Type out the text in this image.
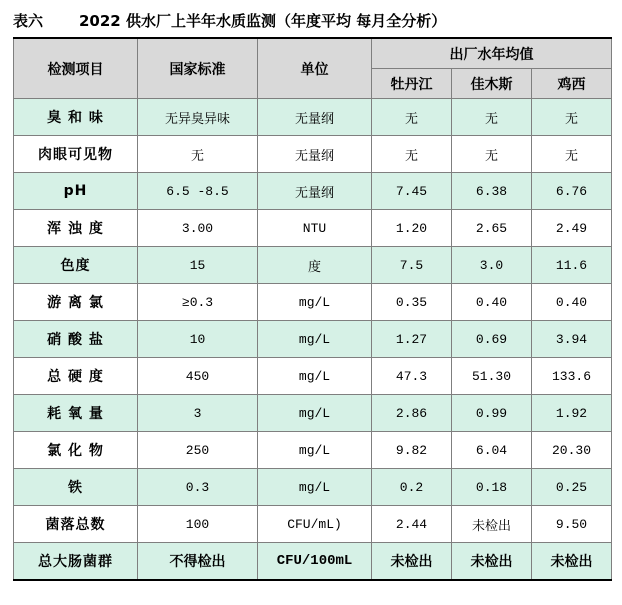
表六 2022 供水厂上半年水质监测（年度平均 每月全分析）
检测项目	国家标准	单位	出厂水年均值		
			牡丹江	佳木斯	鸡西
臭 和 味	无异臭异味	无量纲	无	无	无
肉眼可见物	无	无量纲	无	无	无
pH	6.5 -8.5	无量纲	7.45	6.38	6.76
浑 浊 度	3.00	NTU	1.20	2.65	2.49
色度	15	度	7.5	3.0	11.6
游 离 氯	≥0.3	mg/L	0.35	0.40	0.40
硝 酸 盐	10	mg/L	1.27	0.69	3.94
总 硬 度	450	mg/L	47.3	51.30	133.6
耗 氧 量	3	mg/L	2.86	0.99	1.92
氯 化 物	250	mg/L	9.82	6.04	20.30
铁	0.3	mg/L	0.2	0.18	0.25
菌落总数	100	CFU/mL)	2.44	未检出	9.50
总大肠菌群	不得检出	CFU/100mL	未检出	未检出	未检出
